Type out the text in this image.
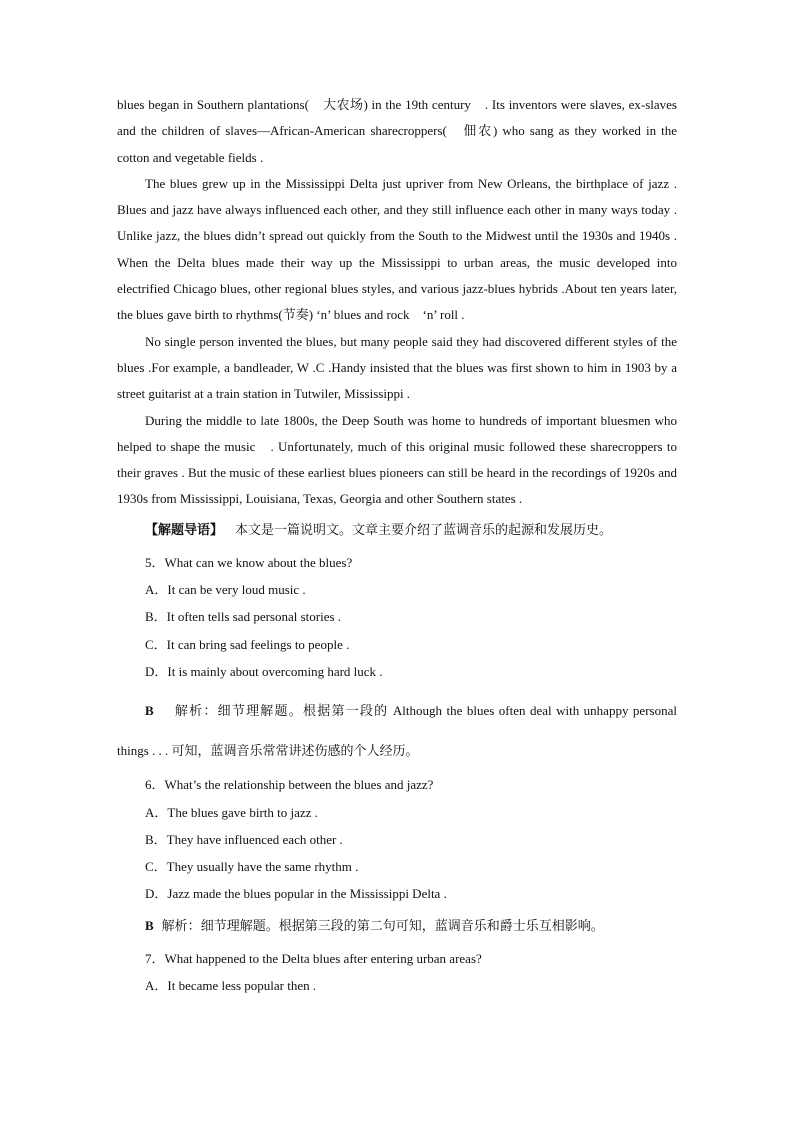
blues began in Southern plantations(　大农场) in the 19th century　. Its inventors were slaves, ex-slaves and the children of slaves—African-American sharecroppers(　佃农) who sang as they worked in the cotton and vegetable fields .

The blues grew up in the Mississippi Delta just upriver from New Orleans, the birthplace of jazz . Blues and jazz have always influenced each other, and they still influence each other in many ways today . Unlike jazz, the blues didn’t spread out quickly from the South to the Midwest until the 1930s and 1940s . When the Delta blues made their way up the Mississippi to urban areas, the music developed into electrified Chicago blues, other regional blues styles, and various jazz-blues hybrids .About ten years later, the blues gave birth to rhythms(节奏) ‘n’ blues and rock　‘n’ roll .

No single person invented the blues, but many people said they had discovered different styles of the blues .For example, a bandleader, W .C .Handy insisted that the blues was first shown to him in 1903 by a street guitarist at a train station in Tutwiler, Mississippi .

During the middle to late 1800s, the Deep South was home to hundreds of important bluesmen who helped to shape the music　. Unfortunately, much of this original music followed these sharecroppers to their graves . But the music of these earliest blues pioneers can still be heard in the recordings of 1920s and 1930s from Mississippi, Louisiana, Texas, Georgia and other Southern states .

【解题导语】 本文是一篇说明文。文章主要介绍了蓝调音乐的起源和发展历史。

5．What can we know about the blues?

A．It can be very loud music .

B．It often tells sad personal stories .

C．It can bring sad feelings to people .

D．It is mainly about overcoming hard luck .

B 解析：细节理解题。根据第一段的 Although the blues often deal with unhappy personal things . . . 可知，蓝调音乐常常讲述伤感的个人经历。

6．What’s the relationship between the blues and jazz?

A．The blues gave birth to jazz .

B．They have influenced each other .

C．They usually have the same rhythm .

D．Jazz made the blues popular in the Mississippi Delta .

B 解析：细节理解题。根据第三段的第二句可知，蓝调音乐和爵士乐互相影响。

7．What happened to the Delta blues after entering urban areas?

A．It became less popular then .
